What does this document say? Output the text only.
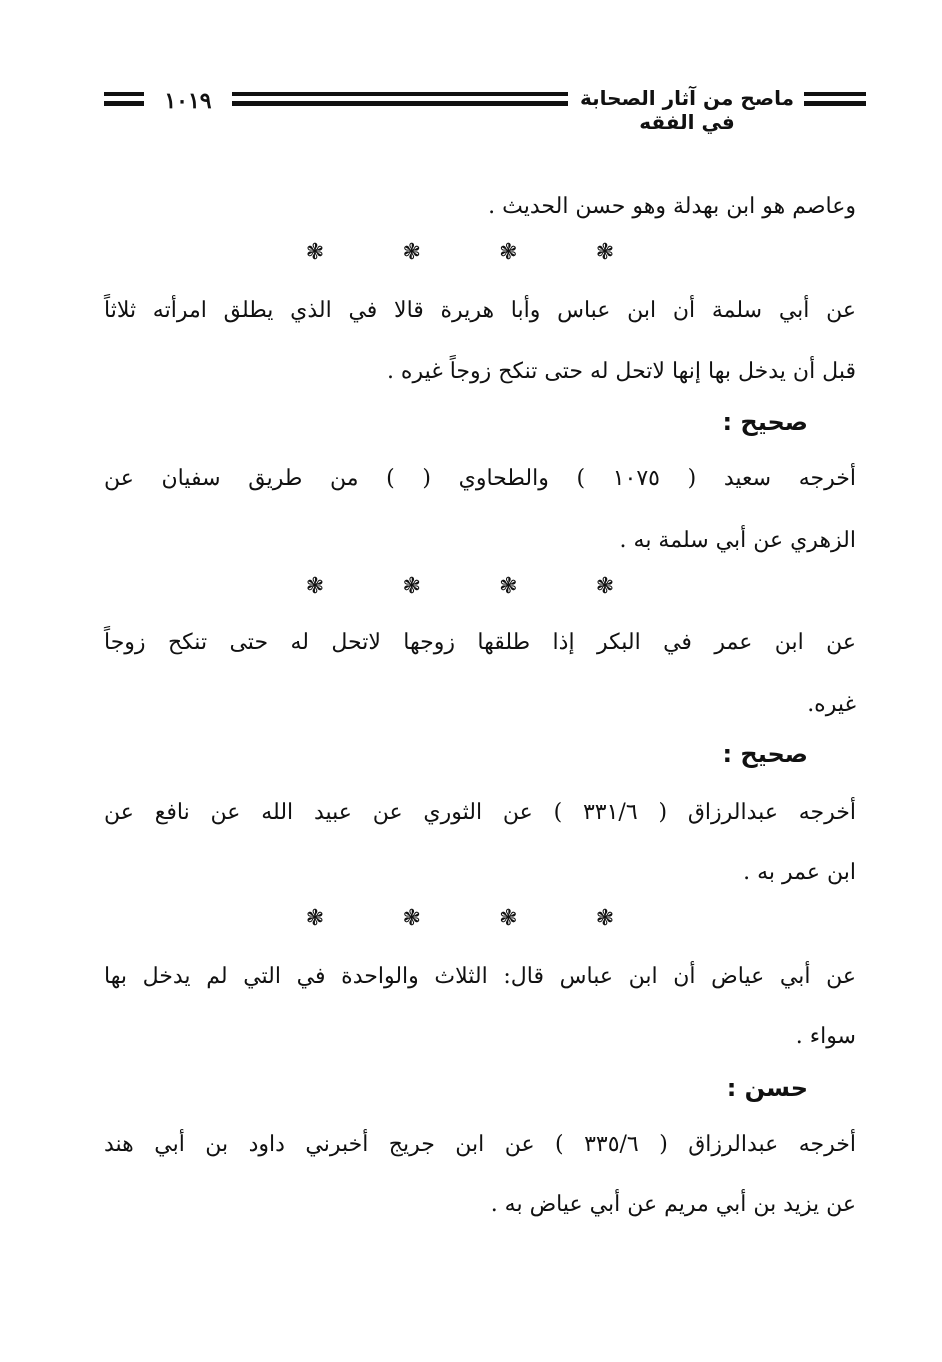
١٠١٩	ماصح من آثار الصحابة في الفقه

وعاصم هو ابن بهدلة وهو حسن الحديث .

❃	❃	❃	❃

عن أبي سلمة أن ابن عباس وأبا هريرة قالا في الذي يطلق امرأته ثلاثاً

قبل أن يدخل بها إنها لاتحل له حتى تنكح زوجاً غيره .

صحيح :

أخرجه سعيد ( ١٠٧٥ ) والطحاوي ( ) من طريق سفيان عن

الزهري عن أبي سلمة به .

❃	❃	❃	❃

عن ابن عمر في البكر إذا طلقها زوجها لاتحل له حتى تنكح زوجاً

غيره.

صحيح :

أخرجه عبدالرزاق ( ٣٣١/٦ ) عن الثوري عن عبيد الله عن نافع عن

ابن عمر به .

❃	❃	❃	❃

عن أبي عياض أن ابن عباس قال: الثلاث والواحدة في التي لم يدخل بها

سواء .

حسن :

أخرجه عبدالرزاق ( ٣٣٥/٦ ) عن ابن جريج أخبرني داود بن أبي هند

عن يزيد بن أبي مريم عن أبي عياض به .
